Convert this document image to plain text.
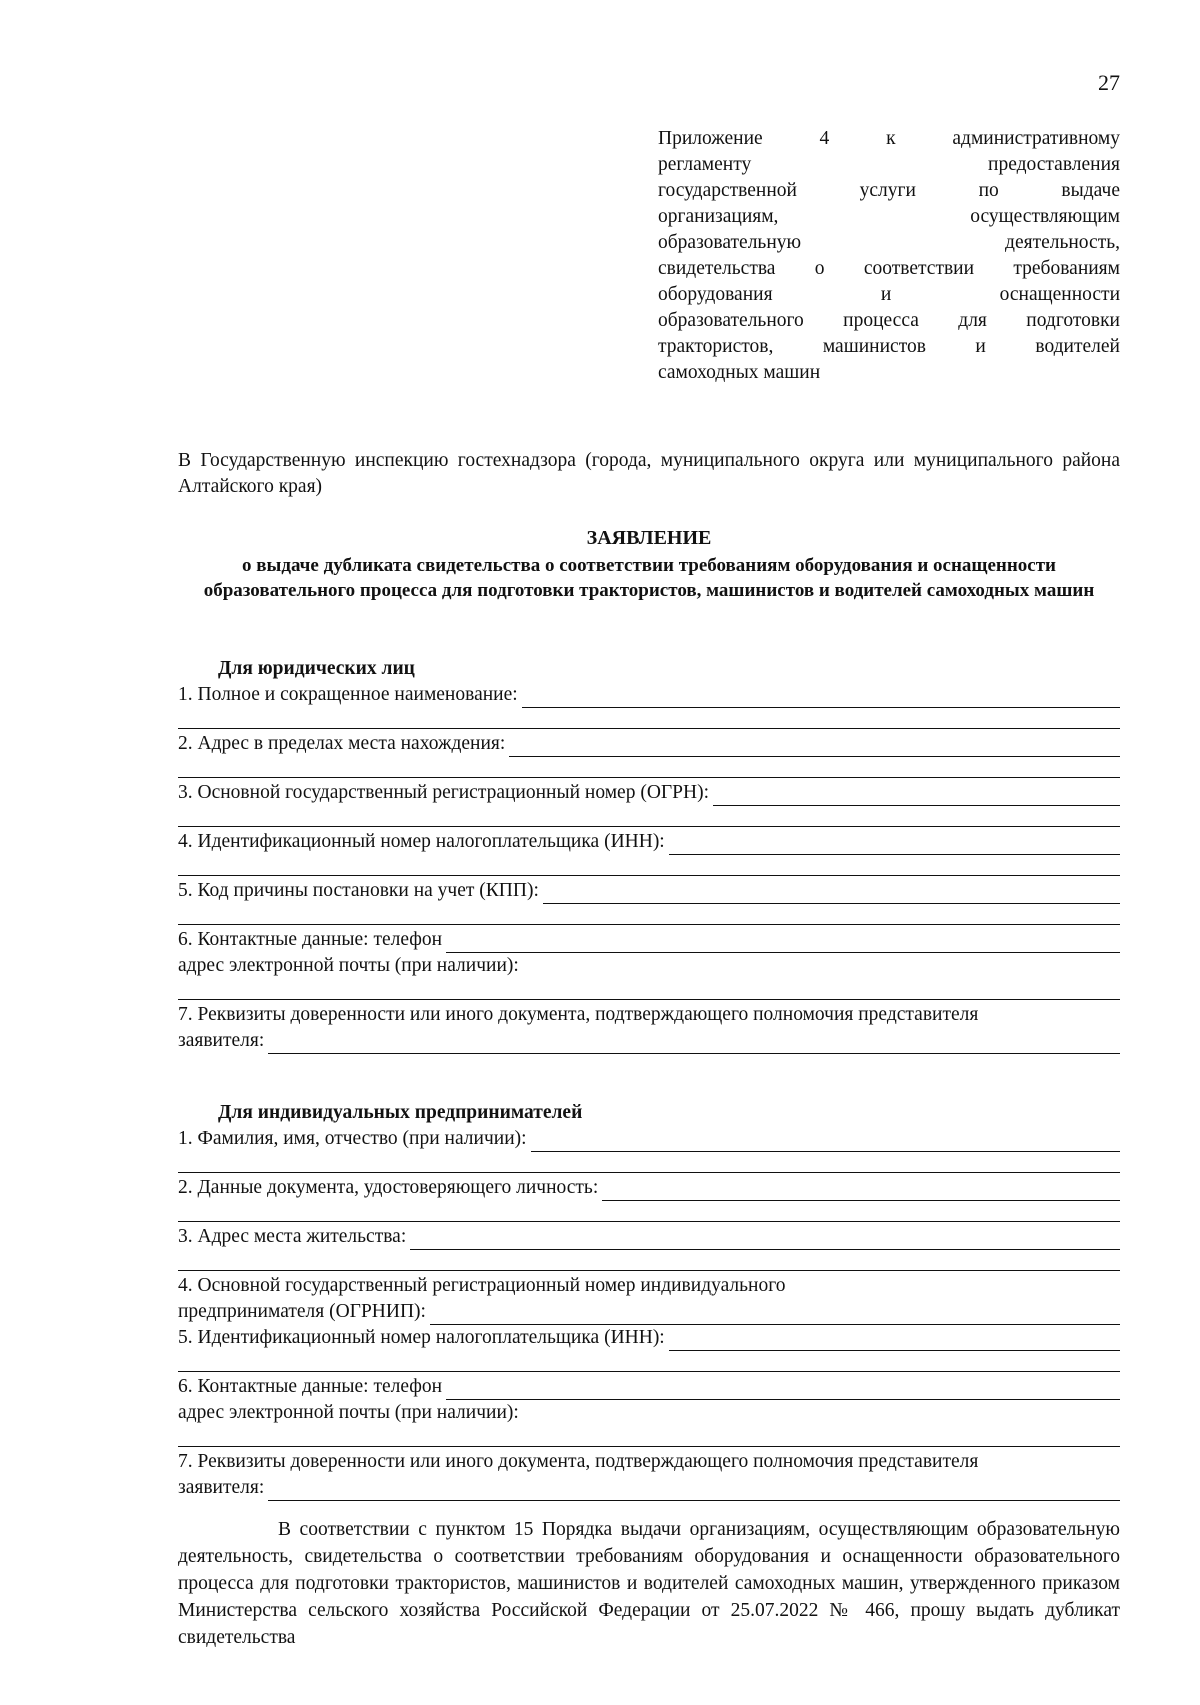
27
Приложение 4 к административному
регламенту предоставления
государственной услуги по выдаче
организациям, осуществляющим
образовательную деятельность,
свидетельства о соответствии требованиям
оборудования и оснащенности
образовательного процесса для подготовки
трактористов, машинистов и водителей
самоходных машин
В Государственную инспекцию гостехнадзора (города, муниципального округа или муниципального района Алтайского края)
ЗАЯВЛЕНИЕ
о выдаче дубликата свидетельства о соответствии требованиям оборудования и оснащенности образовательного процесса для подготовки трактористов, машинистов и водителей самоходных машин
Для юридических лиц
1. Полное и сокращенное наименование:
2. Адрес в пределах места нахождения:
3. Основной государственный регистрационный номер (ОГРН):
4. Идентификационный номер налогоплательщика (ИНН):
5. Код причины постановки на учет (КПП):
6. Контактные данные: телефон
адрес электронной почты (при наличии):
7. Реквизиты доверенности или иного документа, подтверждающего полномочия представителя
заявителя:
Для индивидуальных предпринимателей
1. Фамилия, имя, отчество (при наличии):
2. Данные документа, удостоверяющего личность:
3. Адрес места жительства:
4. Основной государственный регистрационный номер индивидуального
предпринимателя (ОГРНИП):
5. Идентификационный номер налогоплательщика (ИНН):
6. Контактные данные: телефон
адрес электронной почты (при наличии):
7. Реквизиты доверенности или иного документа, подтверждающего полномочия представителя
заявителя:
В соответствии с пунктом 15 Порядка выдачи организациям, осуществляющим образовательную деятельность, свидетельства о соответствии требованиям оборудования и оснащенности образовательного процесса для подготовки трактористов, машинистов и водителей самоходных машин, утвержденного приказом Министерства сельского хозяйства Российской Федерации от 25.07.2022 № 466, прошу выдать дубликат свидетельства
